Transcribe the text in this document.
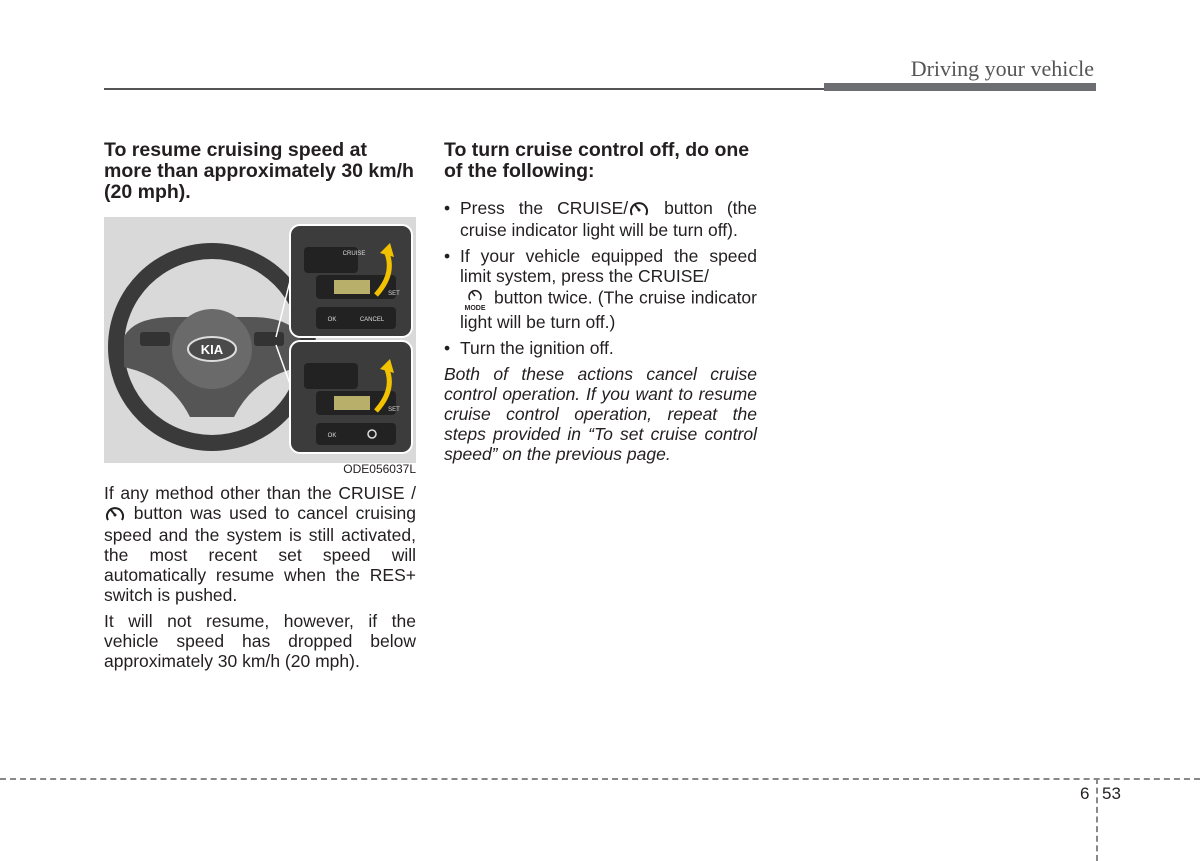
Driving your vehicle
To resume cruising speed at more than approximately 30 km/h (20 mph).
KIA
CRUISE
SET
OK	CANCEL
SET
OK
ODE056037L

If any method other than the CRUISE /  button was used to cancel cruising speed and the system is still activated, the most recent set speed will automatically resume when the RES+ switch is pushed.

It will not resume, however, if the vehicle speed has dropped below approximately 30 km/h (20 mph).

To turn cruise control off, do one of the following:
• Press the CRUISE/ button (the cruise indicator light will be turn off).
• If your vehicle equipped the speed limit system, press the CRUISE/

MODE
button twice. (The cruise indicator light will be turn off.)
• Turn the ignition off.

Both of these actions cancel cruise control operation. If you want to resume cruise control operation, repeat the steps provided in “To set cruise control speed” on the previous page.

6 53
